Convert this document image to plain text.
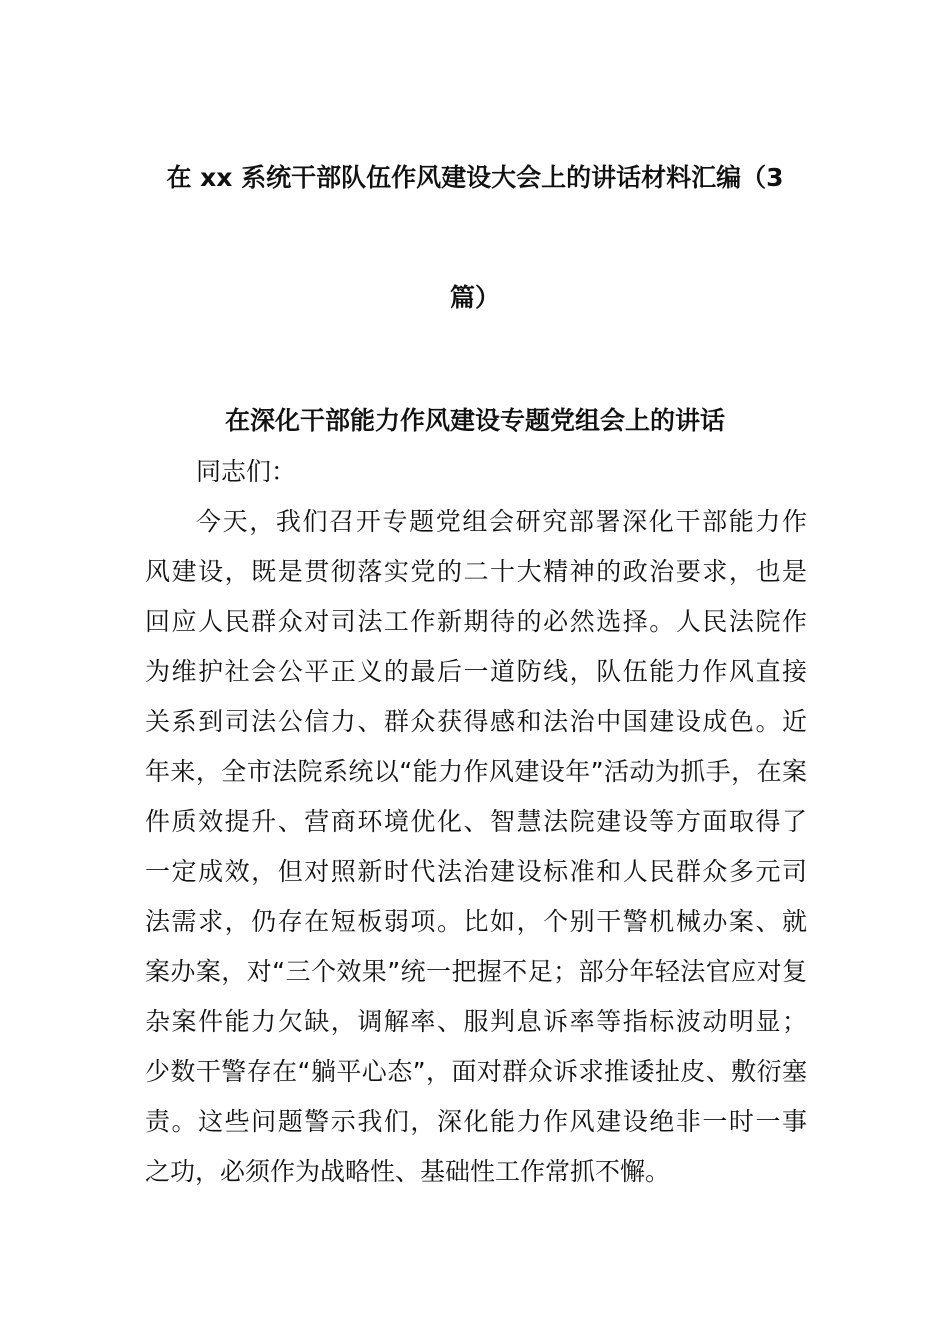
在 xx 系统干部队伍作风建设大会上的讲话材料汇编（3
篇）
在深化干部能力作风建设专题党组会上的讲话
同志们：
今天，我们召开专题党组会研究部署深化干部能力作
风建设，既是贯彻落实党的二十大精神的政治要求，也是
回应人民群众对司法工作新期待的必然选择。人民法院作
为维护社会公平正义的最后一道防线，队伍能力作风直接
关系到司法公信力、群众获得感和法治中国建设成色。近
年来，全市法院系统以“能力作风建设年”活动为抓手，在案
件质效提升、营商环境优化、智慧法院建设等方面取得了
一定成效，但对照新时代法治建设标准和人民群众多元司
法需求，仍存在短板弱项。比如，个别干警机械办案、就
案办案，对“三个效果”统一把握不足；部分年轻法官应对复
杂案件能力欠缺，调解率、服判息诉率等指标波动明显；
少数干警存在“躺平心态”，面对群众诉求推诿扯皮、敷衍塞
责。这些问题警示我们，深化能力作风建设绝非一时一事
之功，必须作为战略性、基础性工作常抓不懈。
